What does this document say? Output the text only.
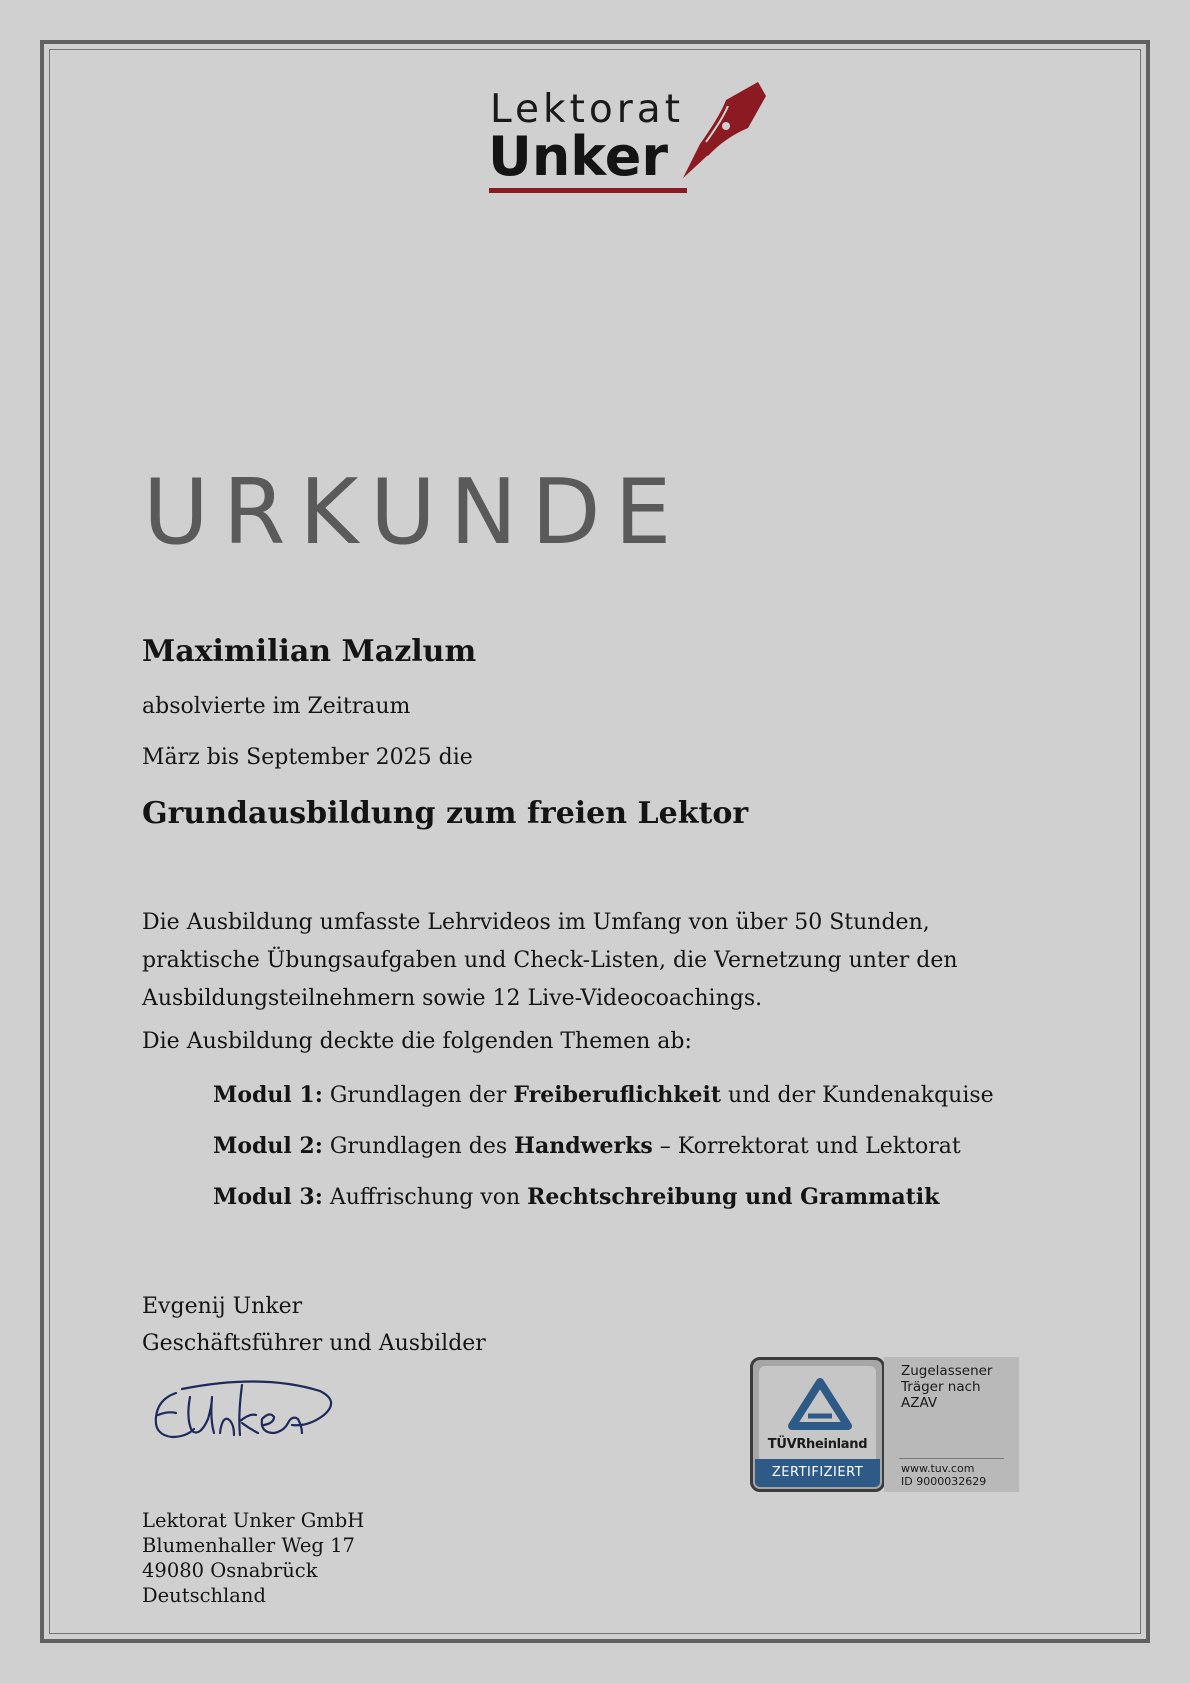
Lektorat
Unker
URKUNDE

Maximilian Mazlum

absolvierte im Zeitraum

März bis September 2025 die

Grundausbildung zum freien Lektor

Die Ausbildung umfasste Lehrvideos im Umfang von über 50 Stunden, praktische Übungsaufgaben und Check-Listen, die Vernetzung unter den Ausbildungsteilnehmern sowie 12 Live-Videocoachings.

Die Ausbildung deckte die folgenden Themen ab:

Modul 1: Grundlagen der Freiberuflichkeit und der Kundenakquise
Modul 2: Grundlagen des Handwerks – Korrektorat und Lektorat
Modul 3: Auffrischung von Rechtschreibung und Grammatik
Evgenij Unker
Geschäftsführer und Ausbilder
Lektorat Unker GmbH
Blumenhaller Weg 17
49080 Osnabrück
Deutschland
TÜVRheinland
ZERTIFIZIERT
Zugelassener
Träger nach
AZAV
www.tuv.com
ID 9000032629
